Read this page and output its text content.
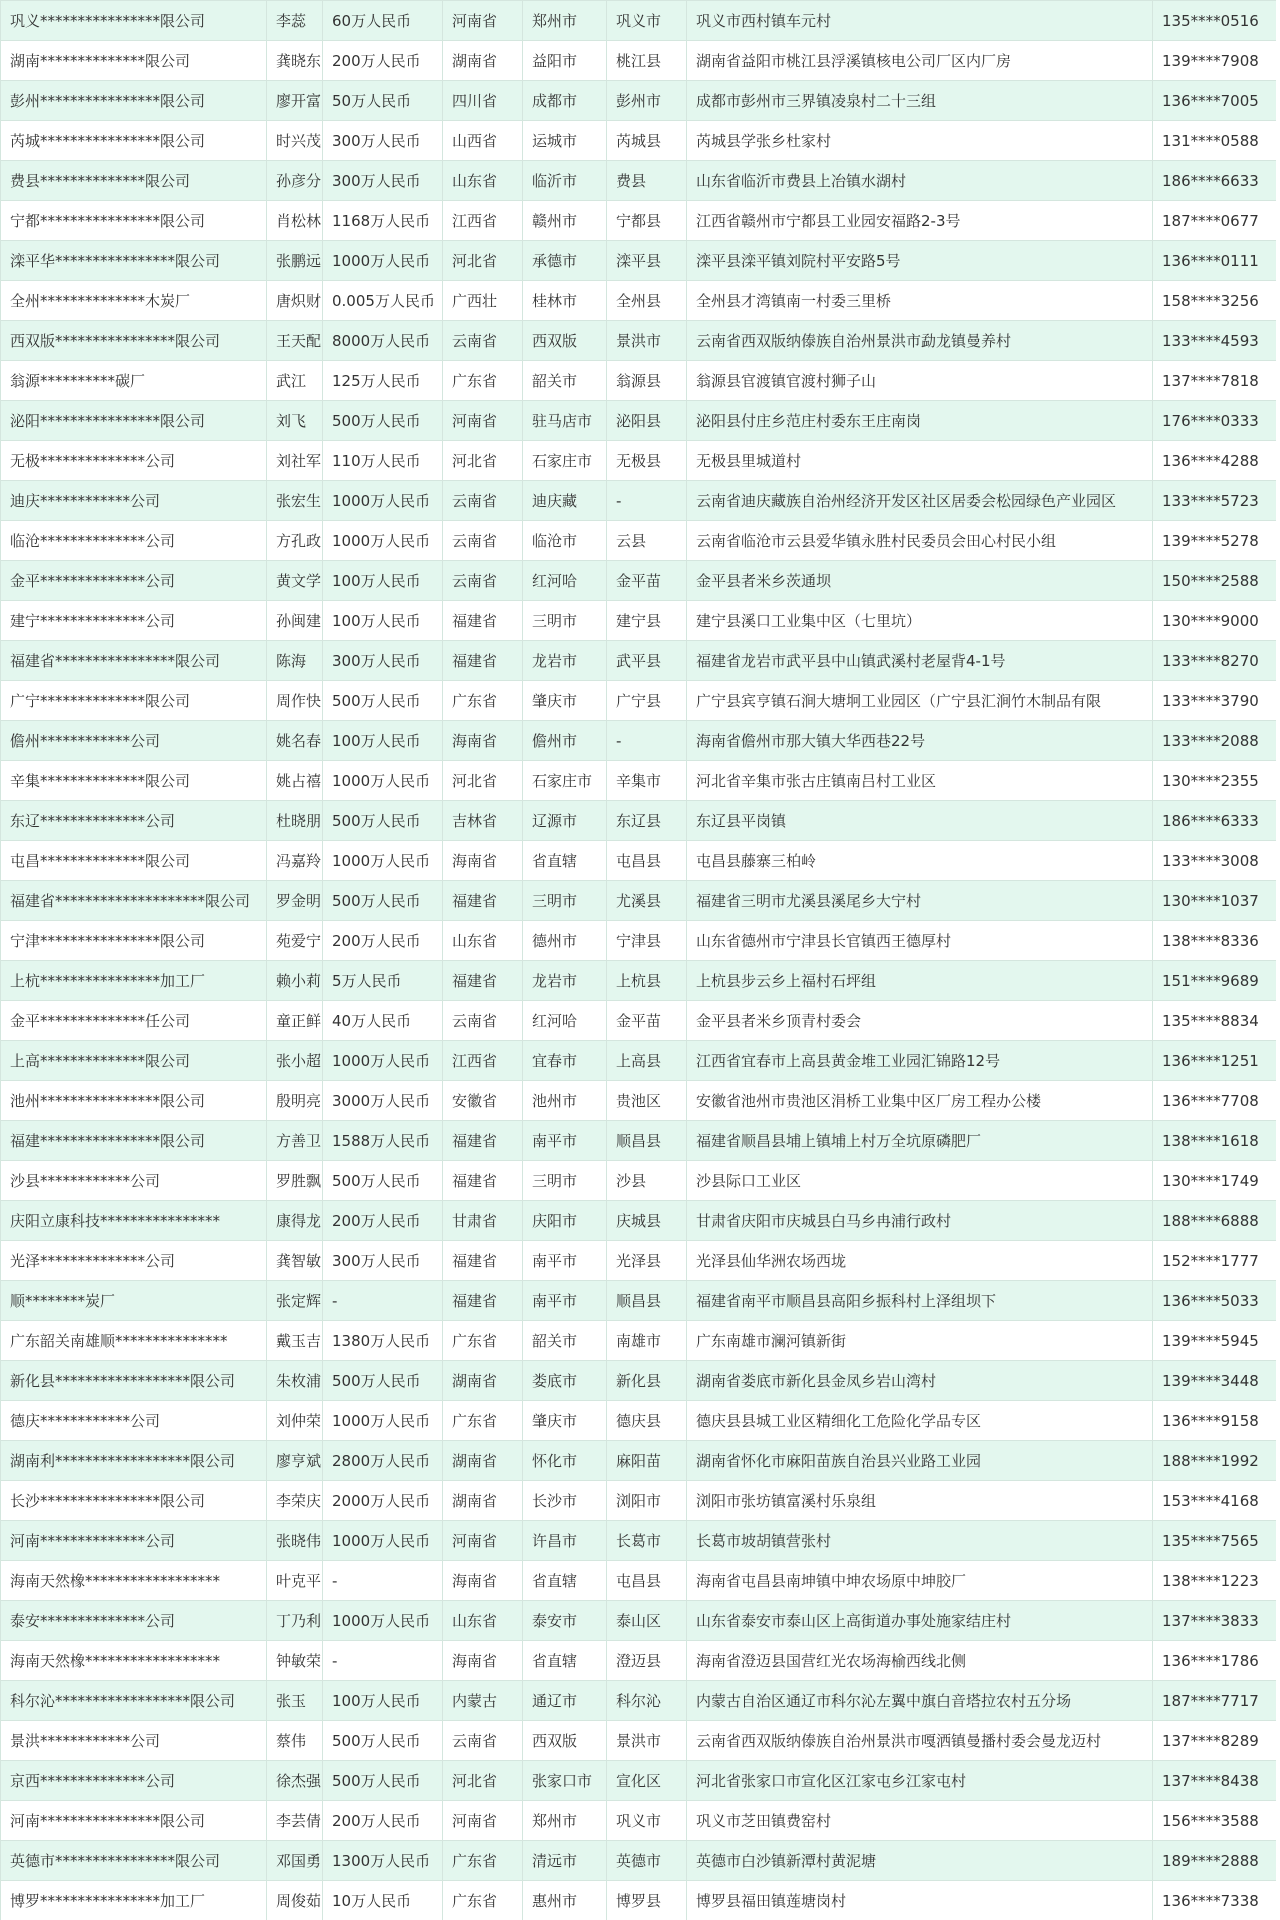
巩义****************限公司	李蕊	60万人民币	河南省	郑州市	巩义市	巩义市西村镇车元村	135****0516
湖南**************限公司	龚晓东	200万人民币	湖南省	益阳市	桃江县	湖南省益阳市桃江县浮溪镇核电公司厂区内厂房	139****7908
彭州****************限公司	廖开富	50万人民币	四川省	成都市	彭州市	成都市彭州市三界镇凌泉村二十三组	136****7005
芮城****************限公司	时兴茂	300万人民币	山西省	运城市	芮城县	芮城县学张乡杜家村	131****0588
费县**************限公司	孙彦分	300万人民币	山东省	临沂市	费县	山东省临沂市费县上冶镇水湖村	186****6633
宁都****************限公司	肖松林	1168万人民币	江西省	赣州市	宁都县	江西省赣州市宁都县工业园安福路2-3号	187****0677
滦平华****************限公司	张鹏远	1000万人民币	河北省	承德市	滦平县	滦平县滦平镇刘院村平安路5号	136****0111
全州**************木炭厂	唐炽财	0.005万人民币	广西壮	桂林市	全州县	全州县才湾镇南一村委三里桥	158****3256
西双版****************限公司	王天配	8000万人民币	云南省	西双版	景洪市	云南省西双版纳傣族自治州景洪市勐龙镇曼养村	133****4593
翁源**********碳厂	武江	125万人民币	广东省	韶关市	翁源县	翁源县官渡镇官渡村狮子山	137****7818
泌阳****************限公司	刘飞	500万人民币	河南省	驻马店市	泌阳县	泌阳县付庄乡范庄村委东王庄南岗	176****0333
无极**************公司	刘社军	110万人民币	河北省	石家庄市	无极县	无极县里城道村	136****4288
迪庆************公司	张宏生	1000万人民币	云南省	迪庆藏	-	云南省迪庆藏族自治州经济开发区社区居委会松园绿色产业园区	133****5723
临沧**************公司	方孔政	1000万人民币	云南省	临沧市	云县	云南省临沧市云县爱华镇永胜村民委员会田心村民小组	139****5278
金平**************公司	黄文学	100万人民币	云南省	红河哈	金平苗	金平县者米乡茨通坝	150****2588
建宁**************公司	孙闽建	100万人民币	福建省	三明市	建宁县	建宁县溪口工业集中区（七里坑）	130****9000
福建省****************限公司	陈海	300万人民币	福建省	龙岩市	武平县	福建省龙岩市武平县中山镇武溪村老屋背4-1号	133****8270
广宁**************限公司	周作快	500万人民币	广东省	肇庆市	广宁县	广宁县宾亨镇石涧大塘坰工业园区（广宁县汇涧竹木制品有限	133****3790
儋州************公司	姚名春	100万人民币	海南省	儋州市	-	海南省儋州市那大镇大华西巷22号	133****2088
辛集**************限公司	姚占禧	1000万人民币	河北省	石家庄市	辛集市	河北省辛集市张古庄镇南吕村工业区	130****2355
东辽**************公司	杜晓朋	500万人民币	吉林省	辽源市	东辽县	东辽县平岗镇	186****6333
屯昌**************限公司	冯嘉羚	1000万人民币	海南省	省直辖	屯昌县	屯昌县藤寨三柏岭	133****3008
福建省********************限公司	罗金明	500万人民币	福建省	三明市	尤溪县	福建省三明市尤溪县溪尾乡大宁村	130****1037
宁津****************限公司	苑爱宁	200万人民币	山东省	德州市	宁津县	山东省德州市宁津县长官镇西王德厚村	138****8336
上杭****************加工厂	赖小莉	5万人民币	福建省	龙岩市	上杭县	上杭县步云乡上福村石坪组	151****9689
金平**************任公司	童正鲜	40万人民币	云南省	红河哈	金平苗	金平县者米乡顶青村委会	135****8834
上高**************限公司	张小超	1000万人民币	江西省	宜春市	上高县	江西省宜春市上高县黄金堆工业园汇锦路12号	136****1251
池州****************限公司	殷明亮	3000万人民币	安徽省	池州市	贵池区	安徽省池州市贵池区涓桥工业集中区厂房工程办公楼	136****7708
福建****************限公司	方善卫	1588万人民币	福建省	南平市	顺昌县	福建省顺昌县埔上镇埔上村万全坑原磷肥厂	138****1618
沙县************公司	罗胜飘	500万人民币	福建省	三明市	沙县	沙县际口工业区	130****1749
庆阳立康科技****************	康得龙	200万人民币	甘肃省	庆阳市	庆城县	甘肃省庆阳市庆城县白马乡冉浦行政村	188****6888
光泽**************公司	龚智敏	300万人民币	福建省	南平市	光泽县	光泽县仙华洲农场西垅	152****1777
顺********炭厂	张定辉	-	福建省	南平市	顺昌县	福建省南平市顺昌县高阳乡振科村上泽组坝下	136****5033
广东韶关南雄顺***************	戴玉吉	1380万人民币	广东省	韶关市	南雄市	广东南雄市澜河镇新街	139****5945
新化县******************限公司	朱枚浦	500万人民币	湖南省	娄底市	新化县	湖南省娄底市新化县金凤乡岩山湾村	139****3448
德庆************公司	刘仲荣	1000万人民币	广东省	肇庆市	德庆县	德庆县县城工业区精细化工危险化学品专区	136****9158
湖南利******************限公司	廖亨斌	2800万人民币	湖南省	怀化市	麻阳苗	湖南省怀化市麻阳苗族自治县兴业路工业园	188****1992
长沙****************限公司	李荣庆	2000万人民币	湖南省	长沙市	浏阳市	浏阳市张坊镇富溪村乐泉组	153****4168
河南**************公司	张晓伟	1000万人民币	河南省	许昌市	长葛市	长葛市坡胡镇营张村	135****7565
海南天然橡******************	叶克平	-	海南省	省直辖	屯昌县	海南省屯昌县南坤镇中坤农场原中坤胶厂	138****1223
泰安**************公司	丁乃利	1000万人民币	山东省	泰安市	泰山区	山东省泰安市泰山区上高街道办事处施家结庄村	137****3833
海南天然橡******************	钟敏荣	-	海南省	省直辖	澄迈县	海南省澄迈县国营红光农场海榆西线北侧	136****1786
科尔沁******************限公司	张玉	100万人民币	内蒙古	通辽市	科尔沁	内蒙古自治区通辽市科尔沁左翼中旗白音塔拉农村五分场	187****7717
景洪************公司	蔡伟	500万人民币	云南省	西双版	景洪市	云南省西双版纳傣族自治州景洪市嘎洒镇曼播村委会曼龙迈村	137****8289
京西**************公司	徐杰强	500万人民币	河北省	张家口市	宣化区	河北省张家口市宣化区江家屯乡江家屯村	137****8438
河南****************限公司	李芸倩	200万人民币	河南省	郑州市	巩义市	巩义市芝田镇费窑村	156****3588
英德市****************限公司	邓国勇	1300万人民币	广东省	清远市	英德市	英德市白沙镇新潭村黄泥塘	189****2888
博罗****************加工厂	周俊茹	10万人民币	广东省	惠州市	博罗县	博罗县福田镇莲塘岗村	136****7338
